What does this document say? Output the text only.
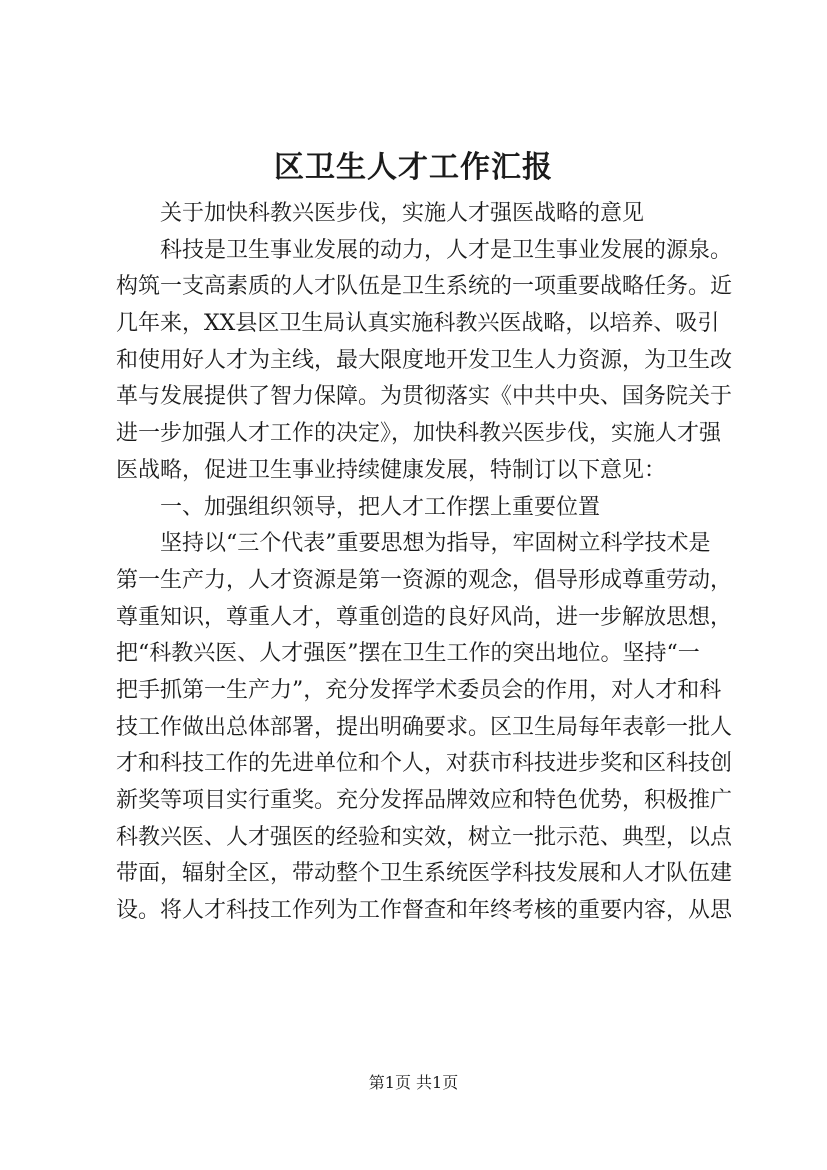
区卫生人才工作汇报
关于加快科教兴医步伐，实施人才强医战略的意见
科技是卫生事业发展的动力，人才是卫生事业发展的源泉。
构筑一支高素质的人才队伍是卫生系统的一项重要战略任务。近
几年来，XX县区卫生局认真实施科教兴医战略，以培养、吸引
和使用好人才为主线，最大限度地开发卫生人力资源，为卫生改
革与发展提供了智力保障。为贯彻落实《中共中央、国务院关于
进一步加强人才工作的决定》，加快科教兴医步伐，实施人才强
医战略，促进卫生事业持续健康发展，特制订以下意见：
一、加强组织领导，把人才工作摆上重要位置
坚持以“三个代表”重要思想为指导，牢固树立科学技术是
第一生产力，人才资源是第一资源的观念，倡导形成尊重劳动，
尊重知识，尊重人才，尊重创造的良好风尚，进一步解放思想，
把“科教兴医、人才强医”摆在卫生工作的突出地位。坚持“一
把手抓第一生产力”，充分发挥学术委员会的作用，对人才和科
技工作做出总体部署，提出明确要求。区卫生局每年表彰一批人
才和科技工作的先进单位和个人，对获市科技进步奖和区科技创
新奖等项目实行重奖。充分发挥品牌效应和特色优势，积极推广
科教兴医、人才强医的经验和实效，树立一批示范、典型，以点
带面，辐射全区，带动整个卫生系统医学科技发展和人才队伍建
设。将人才科技工作列为工作督查和年终考核的重要内容，从思
第1页 共1页
